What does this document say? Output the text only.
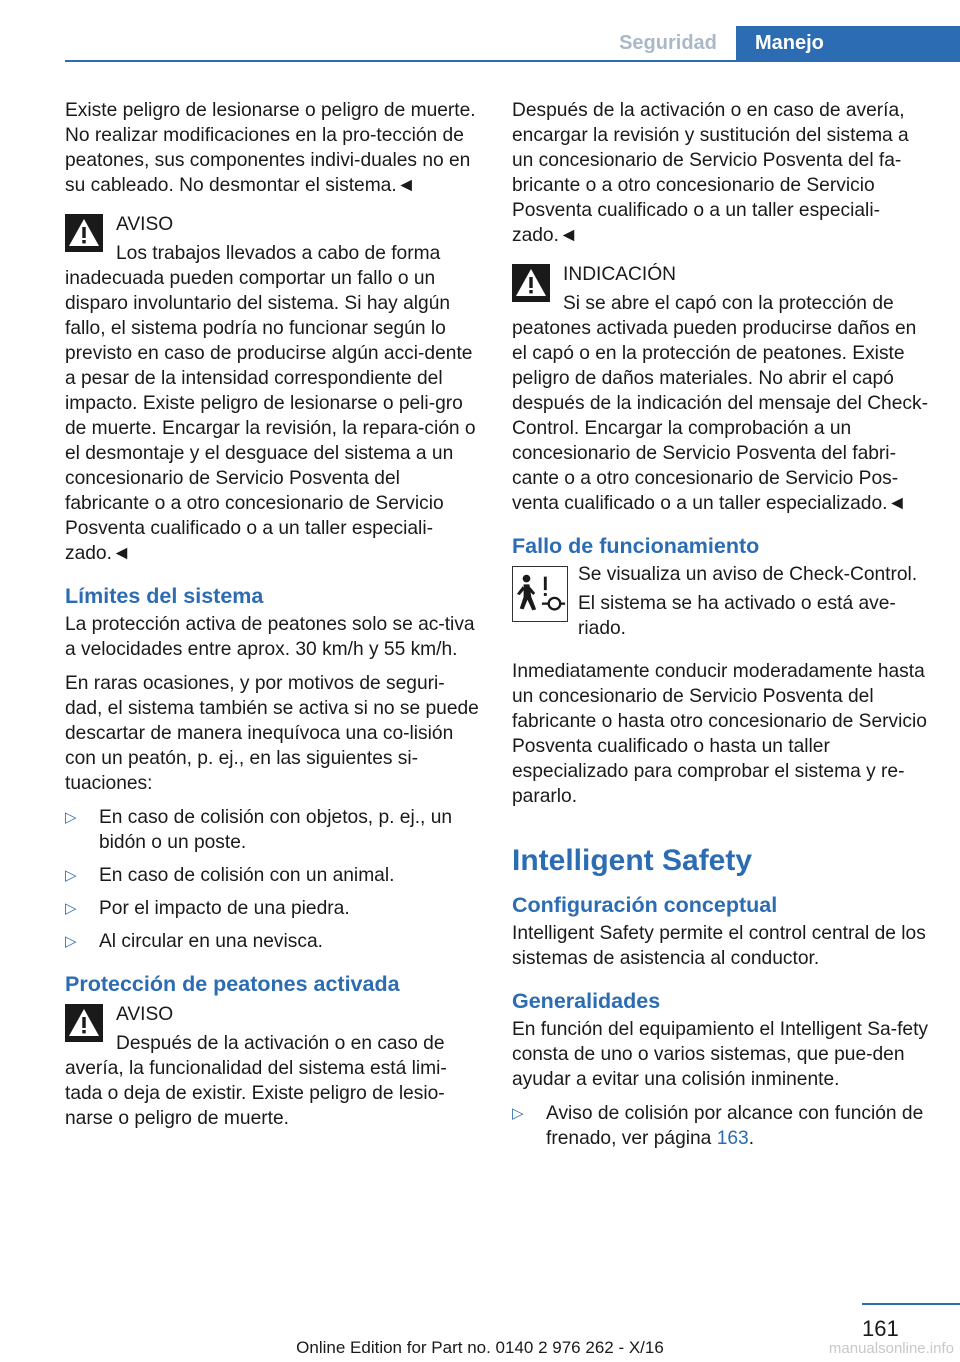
Seguridad	Manejo

Existe peligro de lesionarse o peligro de muerte. No realizar modificaciones en la pro-tección de peatones, sus componentes indivi-duales no en su cableado. No desmontar el sistema.◄

AVISO
Los trabajos llevados a cabo de forma inadecuada pueden comportar un fallo o un disparo involuntario del sistema. Si hay algún fallo, el sistema podría no funcionar según lo previsto en caso de producirse algún acci-dente a pesar de la intensidad correspondiente del impacto. Existe peligro de lesionarse o peli-gro de muerte. Encargar la revisión, la repara-ción o el desmontaje y el desguace del sistema a un concesionario de Servicio Posventa del fabricante o a otro concesionario de Servicio Posventa cualificado o a un taller especiali-zado.◄
Límites del sistema

La protección activa de peatones solo se ac-tiva a velocidades entre aprox. 30 km/h y 55 km/h.

En raras ocasiones, y por motivos de seguri-dad, el sistema también se activa si no se puede descartar de manera inequívoca una co-lisión con un peatón, p. ej., en las siguientes si-tuaciones:

▷ En caso de colisión con objetos, p. ej., un bidón o un poste.
▷ En caso de colisión con un animal.
▷ Por el impacto de una piedra.
▷ Al circular en una nevisca.
Protección de peatones activada
AVISO
Después de la activación o en caso de avería, la funcionalidad del sistema está limi-tada o deja de existir. Existe peligro de lesio-narse o peligro de muerte.

Después de la activación o en caso de avería, encargar la revisión y sustitución del sistema a un concesionario de Servicio Posventa del fa-bricante o a otro concesionario de Servicio Posventa cualificado o a un taller especiali-zado.◄

INDICACIÓN
Si se abre el capó con la protección de peatones activada pueden producirse daños en el capó o en la protección de peatones. Existe peligro de daños materiales. No abrir el capó después de la indicación del mensaje del Check-Control. Encargar la comprobación a un concesionario de Servicio Posventa del fabri-cante o a otro concesionario de Servicio Pos-venta cualificado o a un taller especializado.◄
Fallo de funcionamiento

Se visualiza un aviso de Check-Control.

El sistema se ha activado o está ave-riado.

Inmediatamente conducir moderadamente hasta un concesionario de Servicio Posventa del fabricante o hasta otro concesionario de Servicio Posventa cualificado o hasta un taller especializado para comprobar el sistema y re-pararlo.

Intelligent Safety
Configuración conceptual

Intelligent Safety permite el control central de los sistemas de asistencia al conductor.

Generalidades

En función del equipamiento el Intelligent Sa-fety consta de uno o varios sistemas, que pue-den ayudar a evitar una colisión inminente.

▷ Aviso de colisión por alcance con función de frenado, ver página 163.
161
Online Edition for Part no. 0140 2 976 262 - X/16	manualsonline.info
